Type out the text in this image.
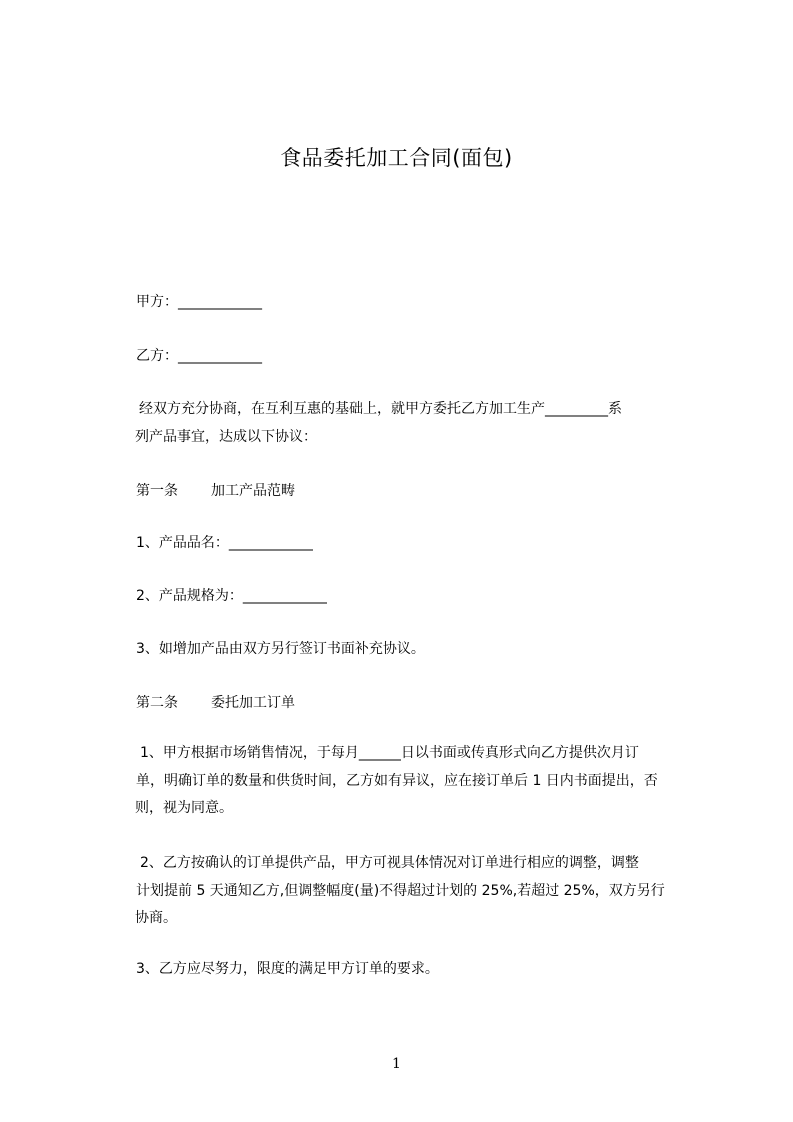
食品委托加工合同(面包)
甲方：____________
乙方：____________
经双方充分协商，在互利互惠的基础上，就甲方委托乙方加工生产_________系
列产品事宜，达成以下协议：
第一条 加工产品范畴
1、产品品名：____________
2、产品规格为：____________
3、如增加产品由双方另行签订书面补充协议。
第二条 委托加工订单
1、甲方根据市场销售情况，于每月______日以书面或传真形式向乙方提供次月订
单，明确订单的数量和供货时间，乙方如有异议，应在接订单后 1 日内书面提出，否
则，视为同意。
2、乙方按确认的订单提供产品，甲方可视具体情况对订单进行相应的调整，调整
计划提前 5 天通知乙方,但调整幅度(量)不得超过计划的 25%,若超过 25%，双方另行
协商。
3、乙方应尽努力，限度的满足甲方订单的要求。
1
